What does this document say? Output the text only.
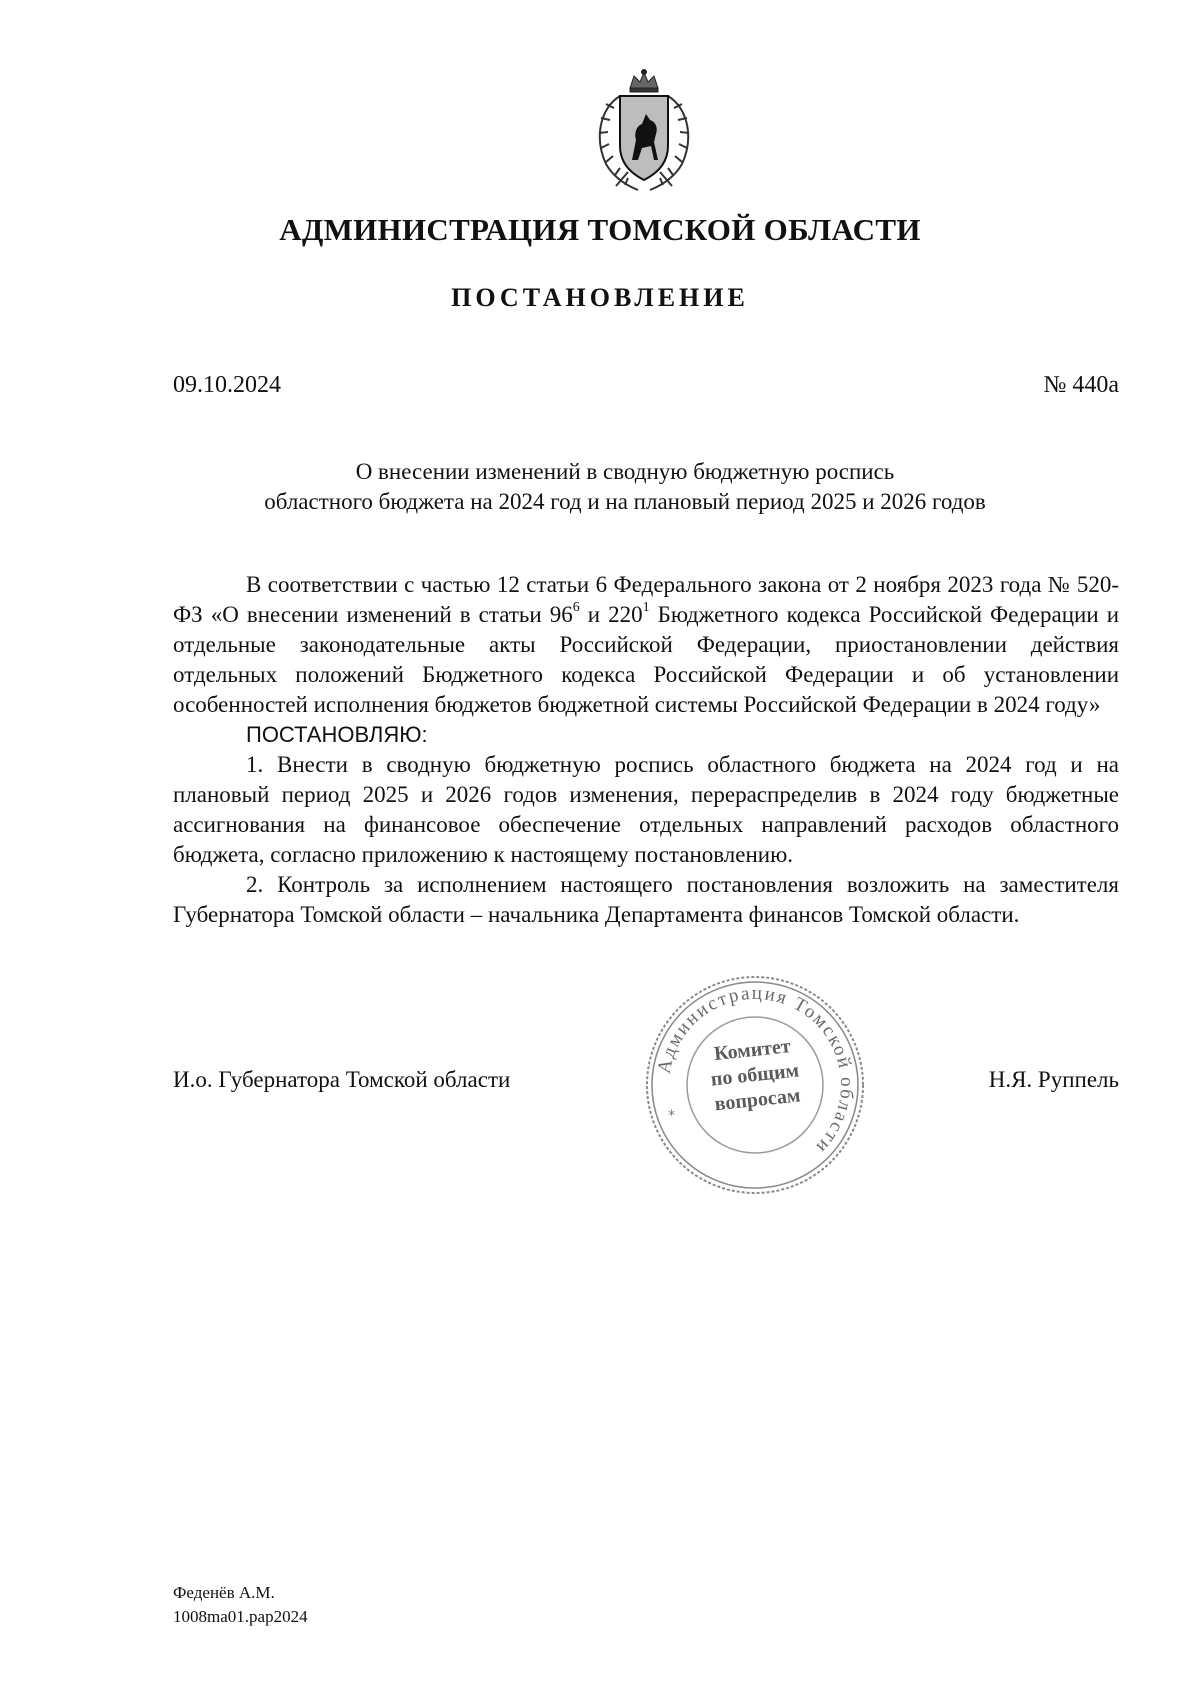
АДМИНИСТРАЦИЯ ТОМСКОЙ ОБЛАСТИ
ПОСТАНОВЛЕНИЕ
09.10.2024	№ 440а
О внесении изменений в сводную бюджетную роспись
областного бюджета на 2024 год и на плановый период 2025 и 2026 годов

В соответствии с частью 12 статьи 6 Федерального закона от 2 ноября 2023 года № 520-ФЗ «О внесении изменений в статьи $96^6$ и $220^1$ Бюджетного кодекса Российской Федерации и отдельные законодательные акты Российской Федерации, приостановлении действия отдельных положений Бюджетного кодекса Российской Федерации и об установлении особенностей исполнения бюджетов бюджетной системы Российской Федерации в 2024 году»

ПОСТАНОВЛЯЮ:

1. Внести в сводную бюджетную роспись областного бюджета на 2024 год и на плановый период 2025 и 2026 годов изменения, перераспределив в 2024 году бюджетные ассигнования на финансовое обеспечение отдельных направлений расходов областного бюджета, согласно приложению к настоящему постановлению.

2. Контроль за исполнением настоящего постановления возложить на заместителя Губернатора Томской области – начальника Департамента финансов Томской области.

И.о. Губернатора Томской области	Н.Я. Руппель
Администрация Томской области
*
Комитет
по общим
вопросам
Феденёв А.М.
1008ma01.pap2024
